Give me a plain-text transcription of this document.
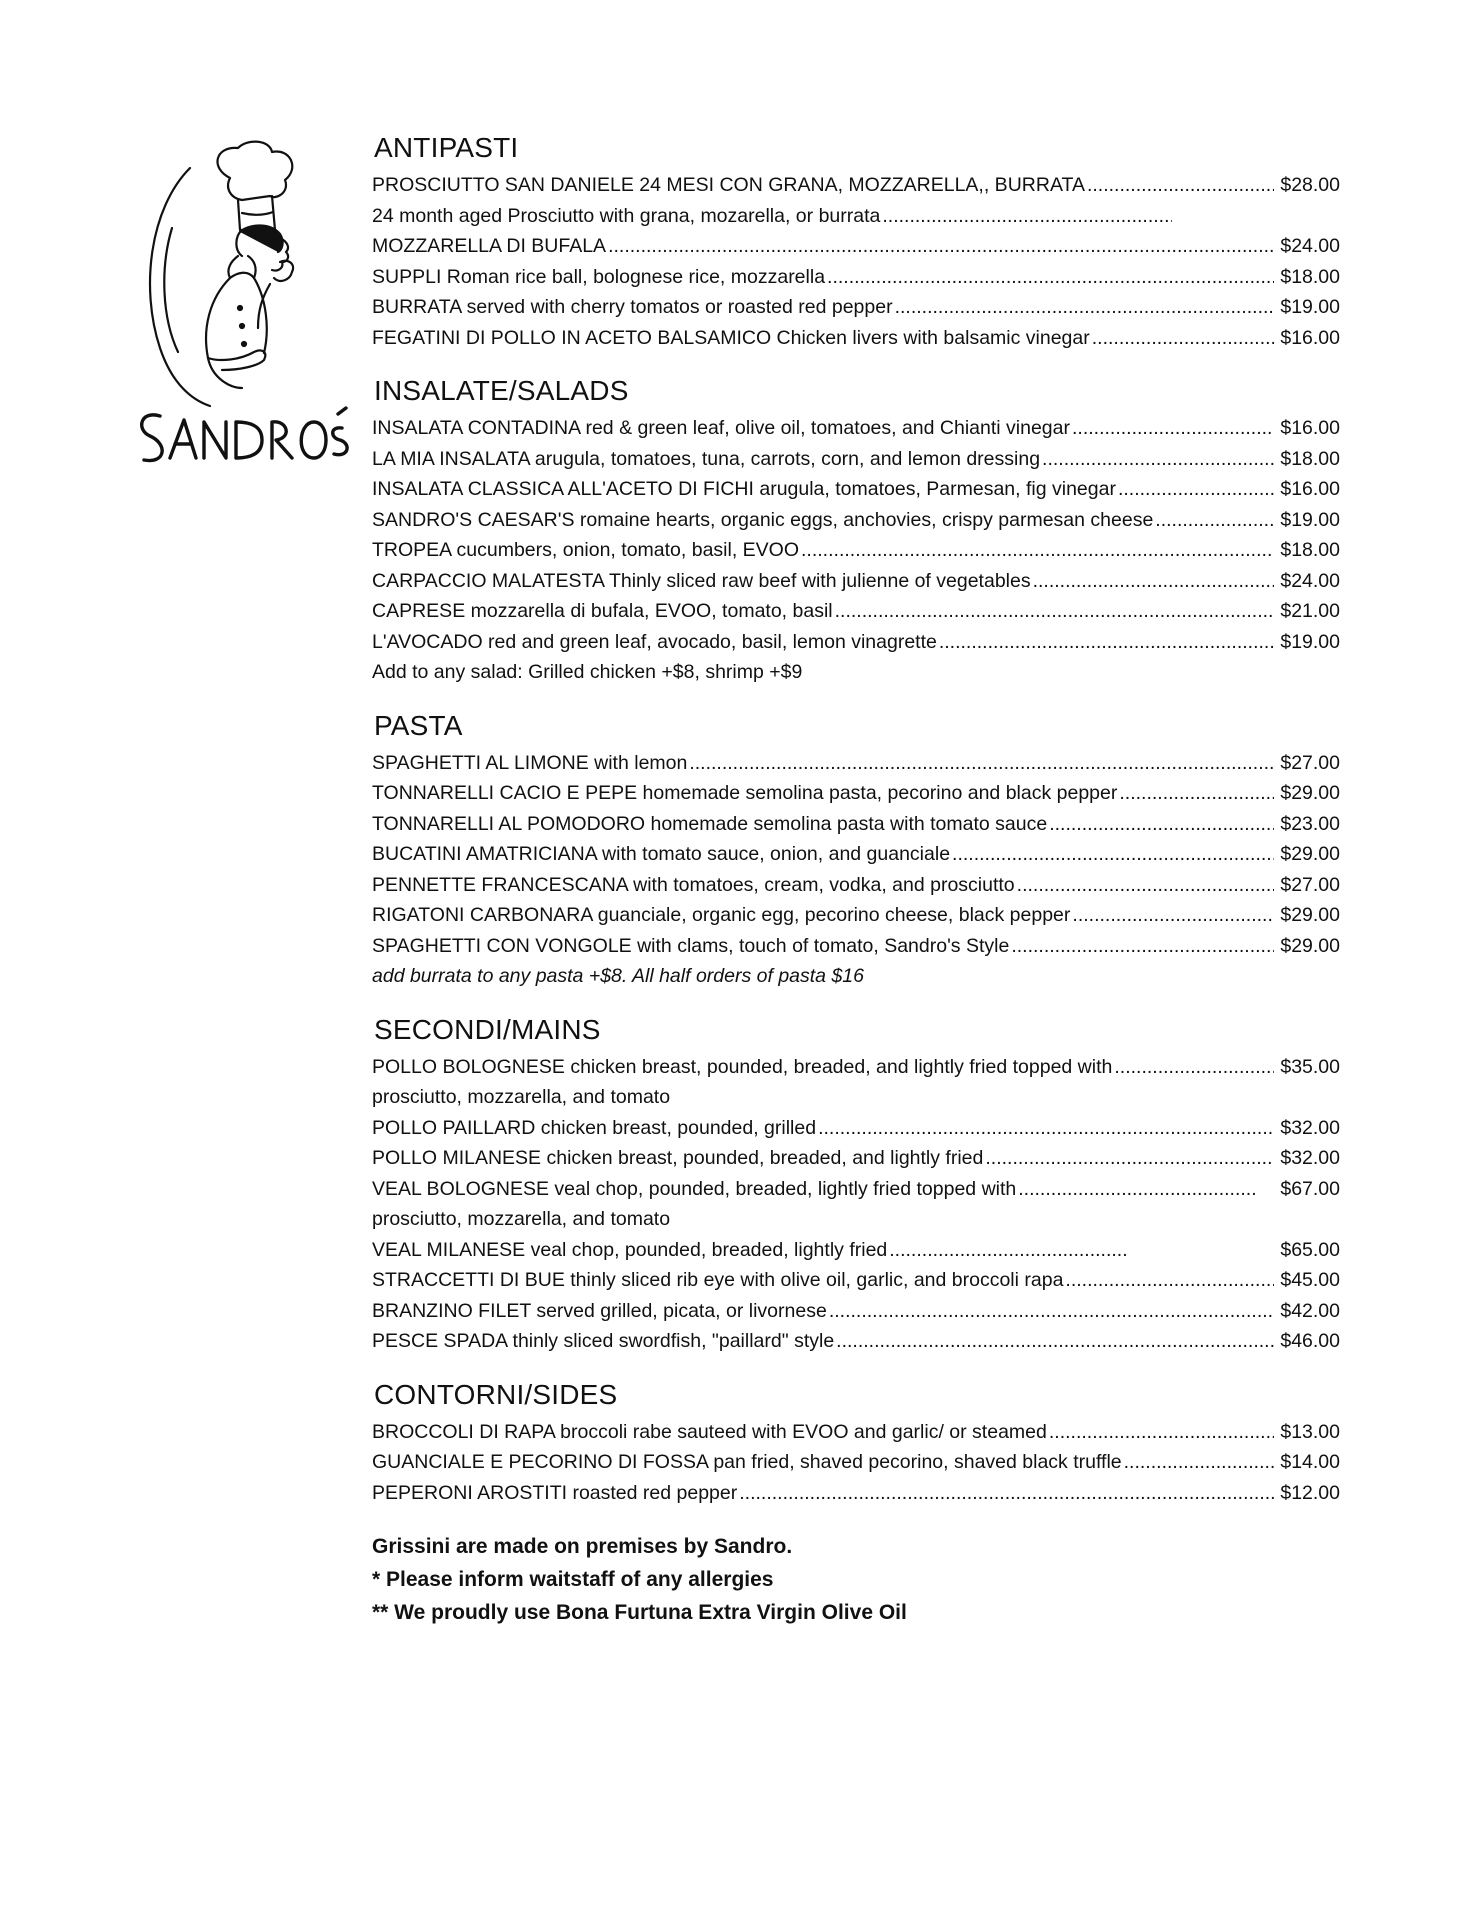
ANTIPASTI
PROSCIUTTO SAN DANIELE 24 MESI CON GRANA, MOZZARELLA,, BURRATA .....	$28.00
24 month aged Prosciutto with grana, mozarella, or burrata
.....
MOZZARELLA DI BUFALA .....	$24.00
SUPPLI Roman rice ball, bolognese rice, mozzarella .....	$18.00
BURRATA served with cherry tomatos or roasted red pepper .....	$19.00
FEGATINI DI POLLO IN ACETO BALSAMICO Chicken livers with balsamic vinegar .....	$16.00
INSALATE/SALADS
INSALATA CONTADINA red & green leaf, olive oil, tomatoes, and Chianti vinegar .....	$16.00
LA MIA INSALATA arugula, tomatoes, tuna, carrots, corn, and lemon dressing .....	$18.00
INSALATA CLASSICA ALL'ACETO DI FICHI arugula, tomatoes, Parmesan, fig vinegar .....	$16.00
SANDRO'S CAESAR'S romaine hearts, organic eggs, anchovies, crispy parmesan cheese .....	$19.00
TROPEA cucumbers, onion, tomato, basil, EVOO .....	$18.00
CARPACCIO MALATESTA Thinly sliced raw beef with julienne of vegetables .....	$24.00
CAPRESE mozzarella di bufala, EVOO, tomato, basil .....	$21.00
L'AVOCADO red and green leaf, avocado, basil, lemon vinagrette .....	$19.00
Add to any salad: Grilled chicken +$8, shrimp +$9
PASTA
SPAGHETTI AL LIMONE with lemon .....	$27.00
TONNARELLI CACIO E PEPE homemade semolina pasta, pecorino and black pepper .....	$29.00
TONNARELLI AL POMODORO homemade semolina pasta with tomato sauce .....	$23.00
BUCATINI AMATRICIANA with tomato sauce, onion, and guanciale .....	$29.00
PENNETTE FRANCESCANA with tomatoes, cream, vodka, and prosciutto .....	$27.00
RIGATONI CARBONARA guanciale, organic egg, pecorino cheese, black pepper .....	$29.00
SPAGHETTI CON VONGOLE with clams, touch of tomato, Sandro's Style .....	$29.00
add burrata to any pasta +$8. All half orders of pasta $16
SECONDI/MAINS
POLLO BOLOGNESE chicken breast, pounded, breaded, and lightly fried topped with .....	$35.00
prosciutto, mozzarella, and tomato
POLLO PAILLARD chicken breast, pounded, grilled .....	$32.00
POLLO MILANESE chicken breast, pounded, breaded, and lightly fried .....	$32.00
VEAL BOLOGNESE veal chop, pounded, breaded, lightly fried topped with .....	$67.00
prosciutto, mozzarella, and tomato
VEAL MILANESE veal chop, pounded, breaded, lightly fried .....	$65.00
STRACCETTI DI BUE thinly sliced rib eye with olive oil, garlic, and broccoli rapa .....	$45.00
BRANZINO FILET served grilled, picata, or livornese .....	$42.00
PESCE SPADA thinly sliced swordfish, "paillard" style .....	$46.00
CONTORNI/SIDES
BROCCOLI DI RAPA broccoli rabe sauteed with EVOO and garlic/ or steamed .....	$13.00
GUANCIALE E PECORINO DI FOSSA pan fried, shaved pecorino, shaved black truffle .....	$14.00
PEPERONI AROSTITI roasted red pepper .....	$12.00
Grissini are made on premises by Sandro.
* Please inform waitstaff of any allergies
** We proudly use Bona Furtuna Extra Virgin Olive Oil
